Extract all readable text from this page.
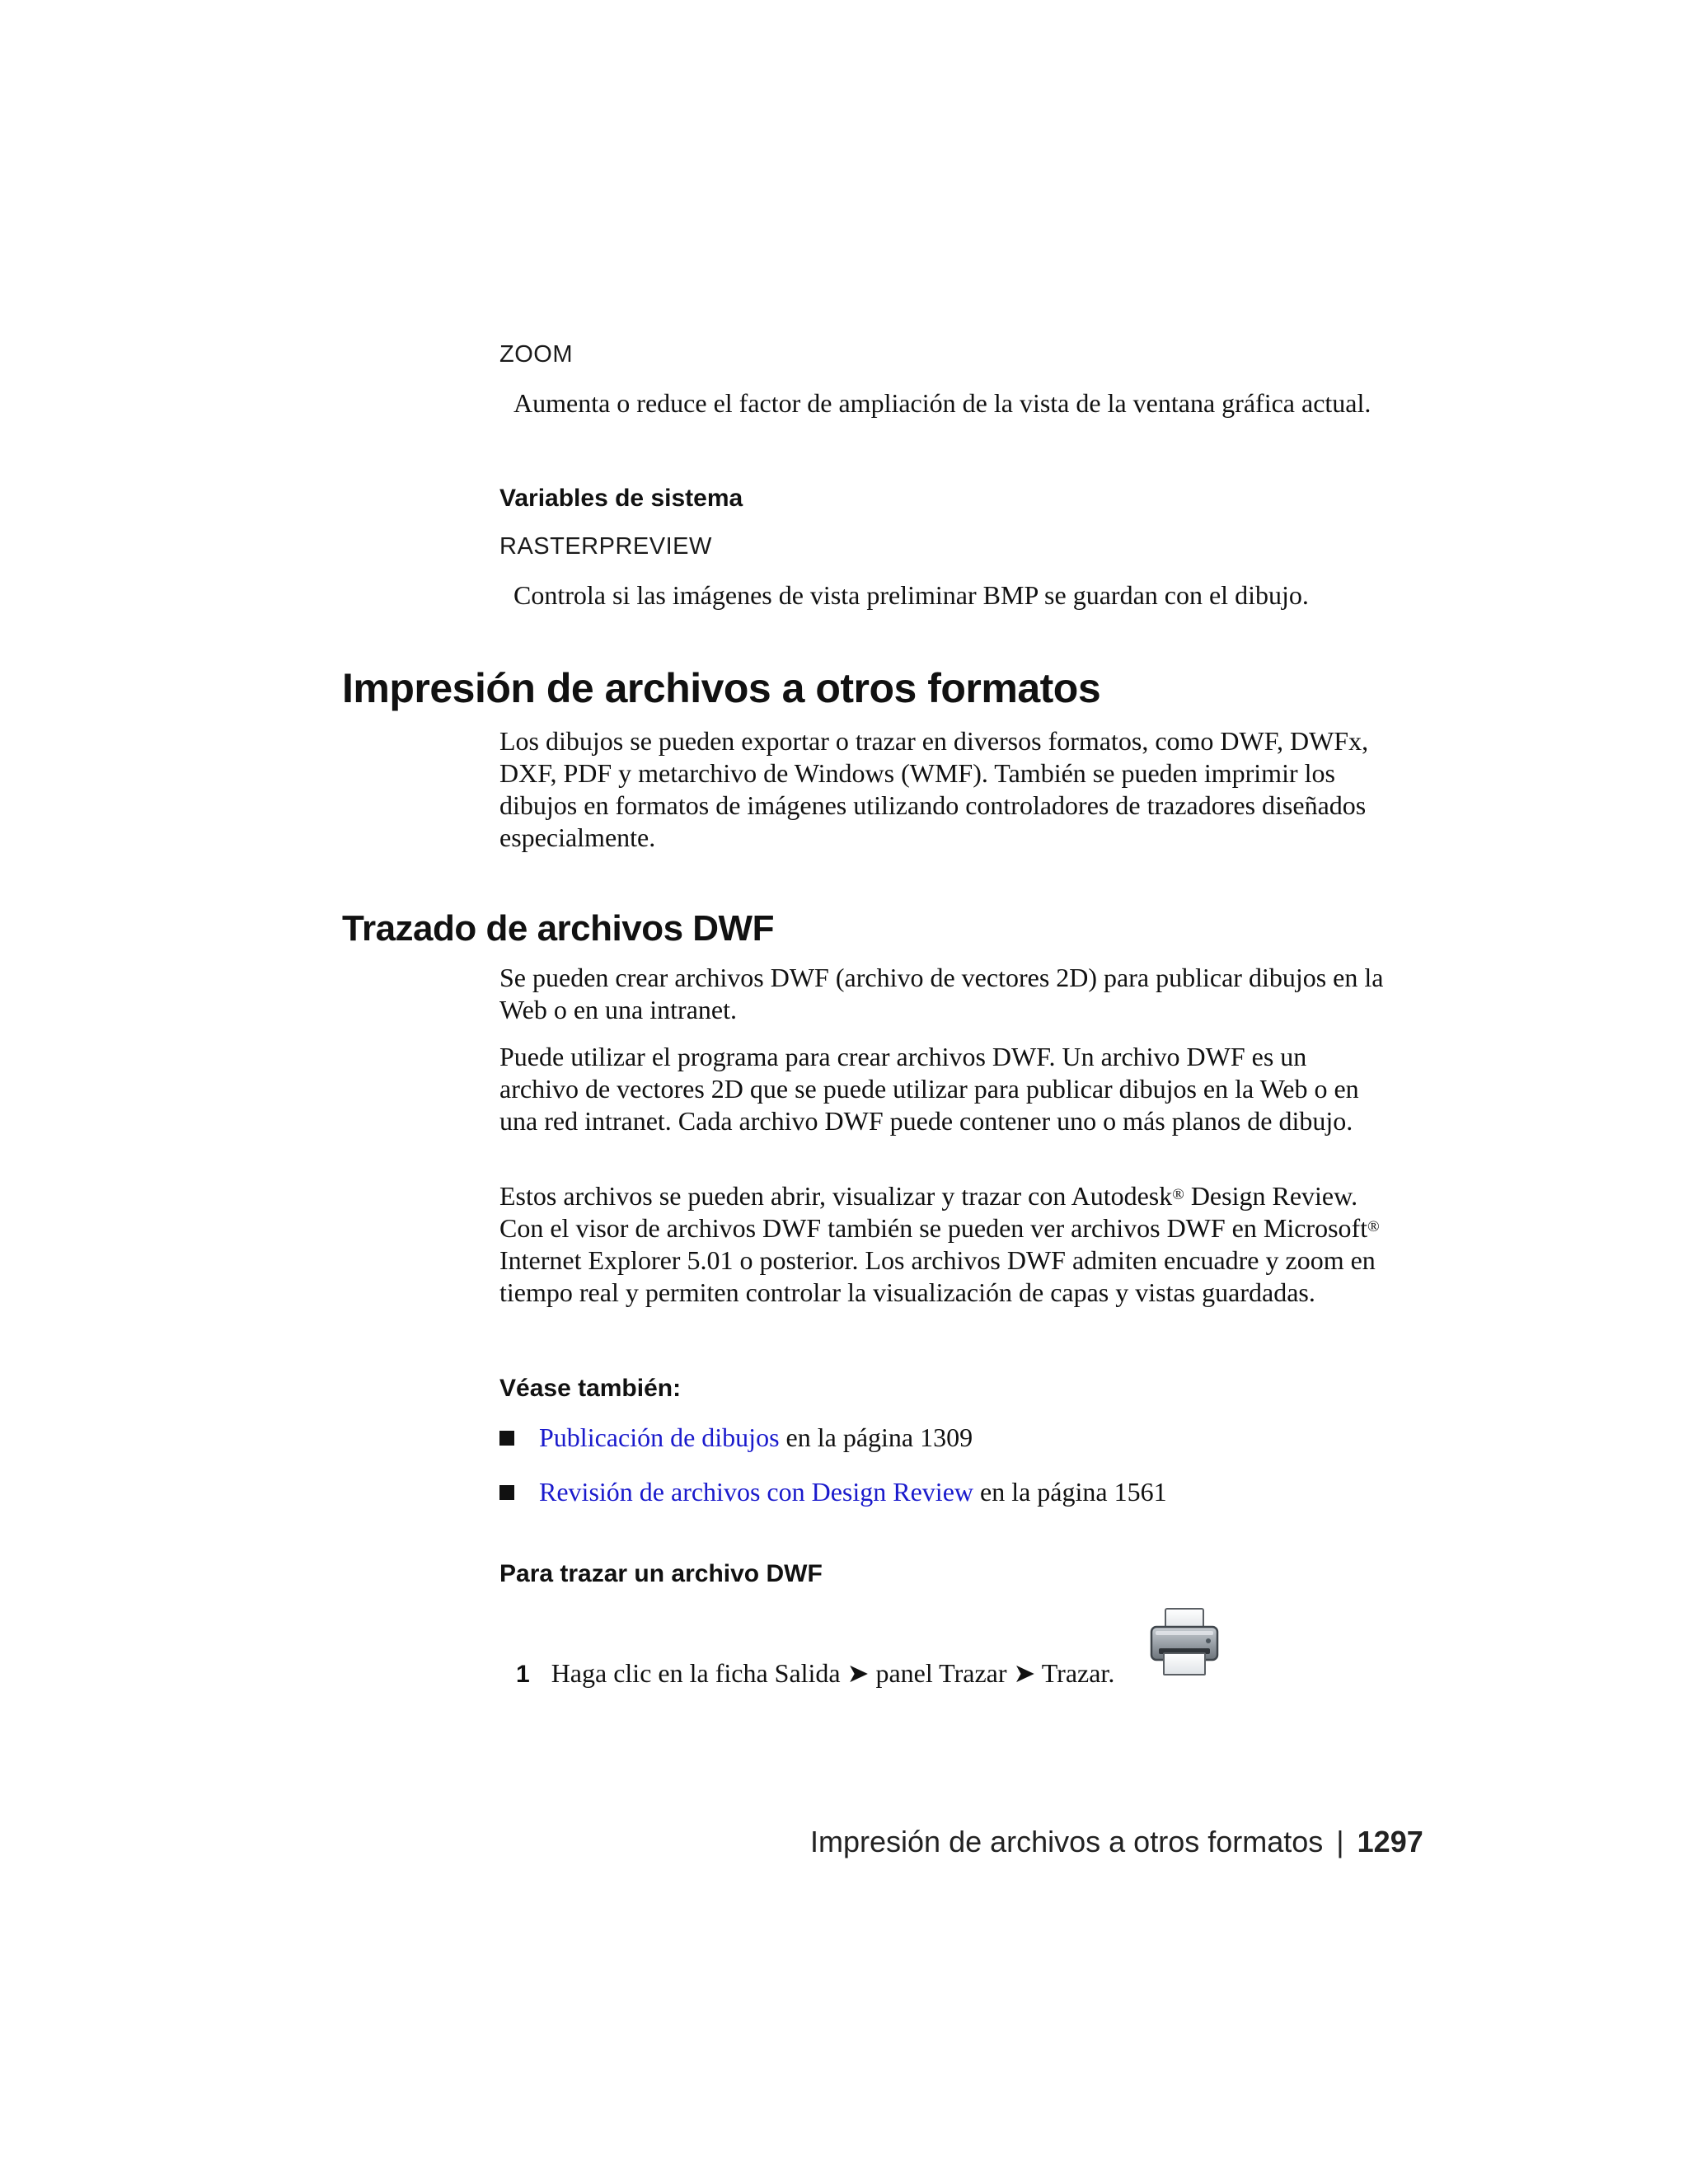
ZOOM
Aumenta o reduce el factor de ampliación de la vista de la ventana gráfica actual.
Variables de sistema
RASTERPREVIEW
Controla si las imágenes de vista preliminar BMP se guardan con el dibujo.
Impresión de archivos a otros formatos
Los dibujos se pueden exportar o trazar en diversos formatos, como DWF, DWFx, DXF, PDF y metarchivo de Windows (WMF). También se pueden imprimir los dibujos en formatos de imágenes utilizando controladores de trazadores diseñados especialmente.
Trazado de archivos DWF
Se pueden crear archivos DWF (archivo de vectores 2D) para publicar dibujos en la Web o en una intranet.
Puede utilizar el programa para crear archivos DWF. Un archivo DWF es un archivo de vectores 2D que se puede utilizar para publicar dibujos en la Web o en una red intranet. Cada archivo DWF puede contener uno o más planos de dibujo.
Estos archivos se pueden abrir, visualizar y trazar con Autodesk® Design Review. Con el visor de archivos DWF también se pueden ver archivos DWF en Microsoft® Internet Explorer 5.01 o posterior. Los archivos DWF admiten encuadre y zoom en tiempo real y permiten controlar la visualización de capas y vistas guardadas.
Véase también:
Publicación de dibujos en la página 1309
Revisión de archivos con Design Review en la página 1561
Para trazar un archivo DWF
1 Haga clic en la ficha Salida ➤ panel Trazar ➤ Trazar.
Impresión de archivos a otros formatos | 1297
